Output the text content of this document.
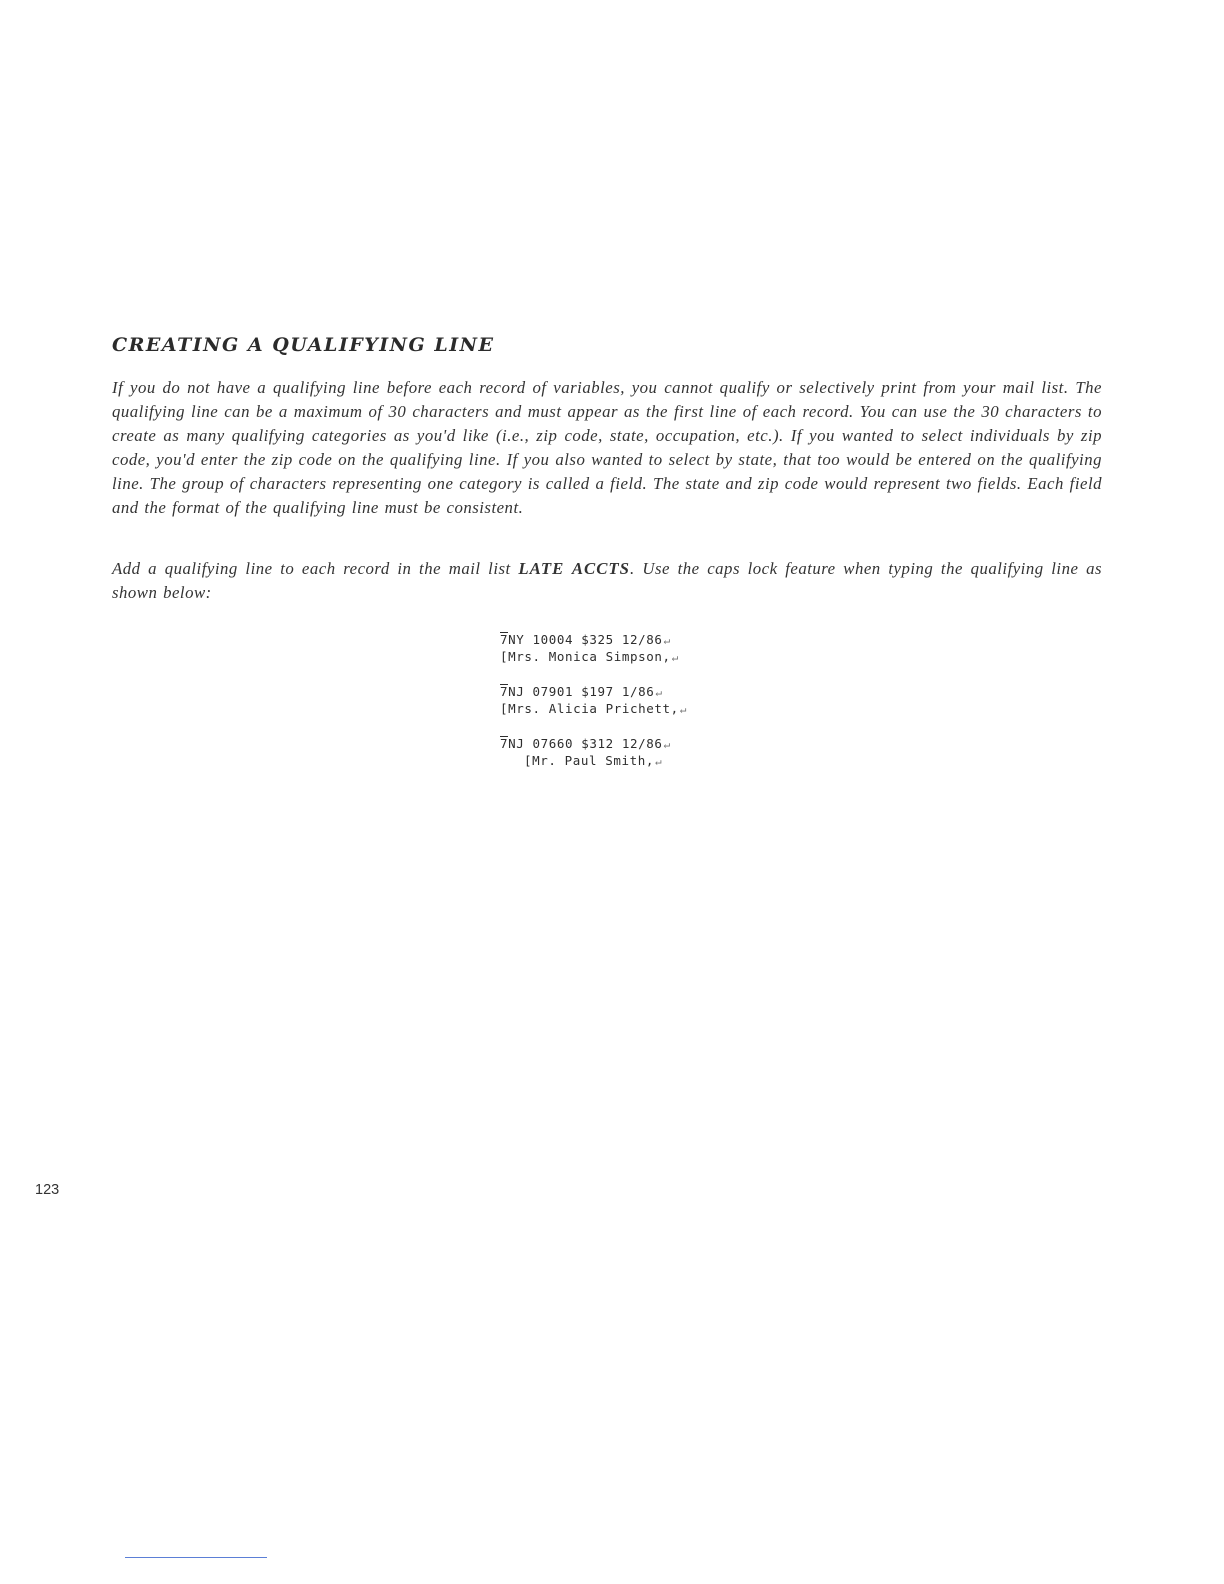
CREATING A QUALIFYING LINE

If you do not have a qualifying line before each record of variables, you cannot qualify or selectively print from your mail list. The qualifying line can be a maximum of 30 characters and must appear as the first line of each record. You can use the 30 characters to create as many qualifying categories as you'd like (i.e., zip code, state, occupation, etc.). If you wanted to select individuals by zip code, you'd enter the zip code on the qualifying line. If you also wanted to select by state, that too would be entered on the qualifying line. The group of characters representing one category is called a field. The state and zip code would represent two fields. Each field and the format of the qualifying line must be consistent.

Add a qualifying line to each record in the mail list LATE ACCTS. Use the caps lock feature when typing the qualifying line as shown below:

7NY 10004 $325 12/86↵
[Mrs. Monica Simpson,↵
7NJ 07901 $197 1/86↵
[Mrs. Alicia Prichett,↵
7NJ 07660 $312 12/86↵
[Mr. Paul Smith,↵
123
